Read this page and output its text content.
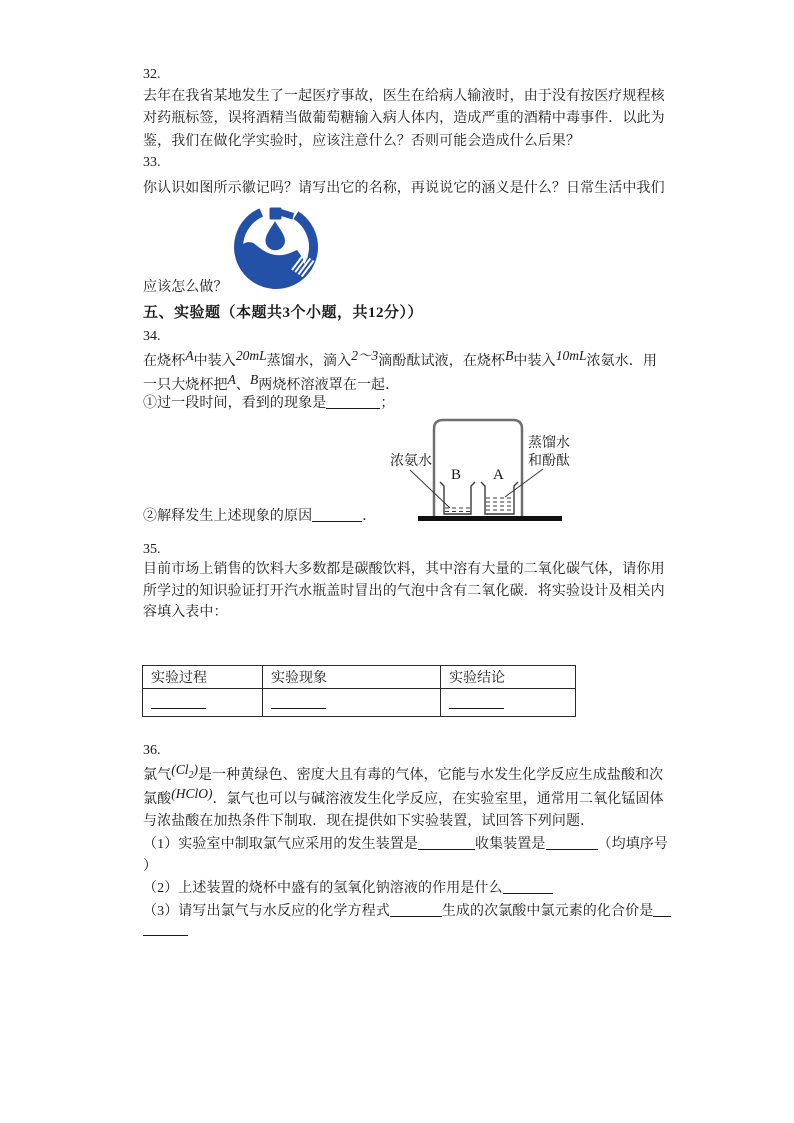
32.
去年在我省某地发生了一起医疗事故，医生在给病人输液时，由于没有按医疗规程核
对药瓶标签，误将酒精当做葡萄糖输入病人体内，造成严重的酒精中毒事件．以此为
鉴，我们在做化学实验时，应该注意什么？否则可能会造成什么后果？
33.
你认识如图所示徽记吗？请写出它的名称，再说说它的涵义是什么？日常生活中我们
应该怎么做？
五、实验题（本题共3个小题，共12分））
34.
在烧杯A中装入20mL蒸馏水，滴入2～3滴酚酞试液，在烧杯B中装入10mL浓氨水．用
一只大烧杯把A、B两烧杯溶液罩在一起．
①过一段时间，看到的现象是	；
浓氨水
蒸馏水
和酚酞
B A
②解释发生上述现象的原因	．
35.
目前市场上销售的饮料大多数都是碳酸饮料，其中溶有大量的二氧化碳气体，请你用
所学过的知识验证打开汽水瓶盖时冒出的气泡中含有二氧化碳．将实验设计及相关内
容填入表中：
实验过程	实验现象	实验结论

36.
氯气(Cl2)是一种黄绿色、密度大且有毒的气体，它能与水发生化学反应生成盐酸和次
氯酸(HClO)．氯气也可以与碱溶液发生化学反应，在实验室里，通常用二氧化锰固体
与浓盐酸在加热条件下制取．现在提供如下实验装置，试回答下列问题．
（1）实验室中制取氯气应采用的发生装置是	收集装置是	（均填序号
）
（2）上述装置的烧杯中盛有的氢氧化钠溶液的作用是什么
（3）请写出氯气与水反应的化学方程式	生成的次氯酸中氯元素的化合价是
